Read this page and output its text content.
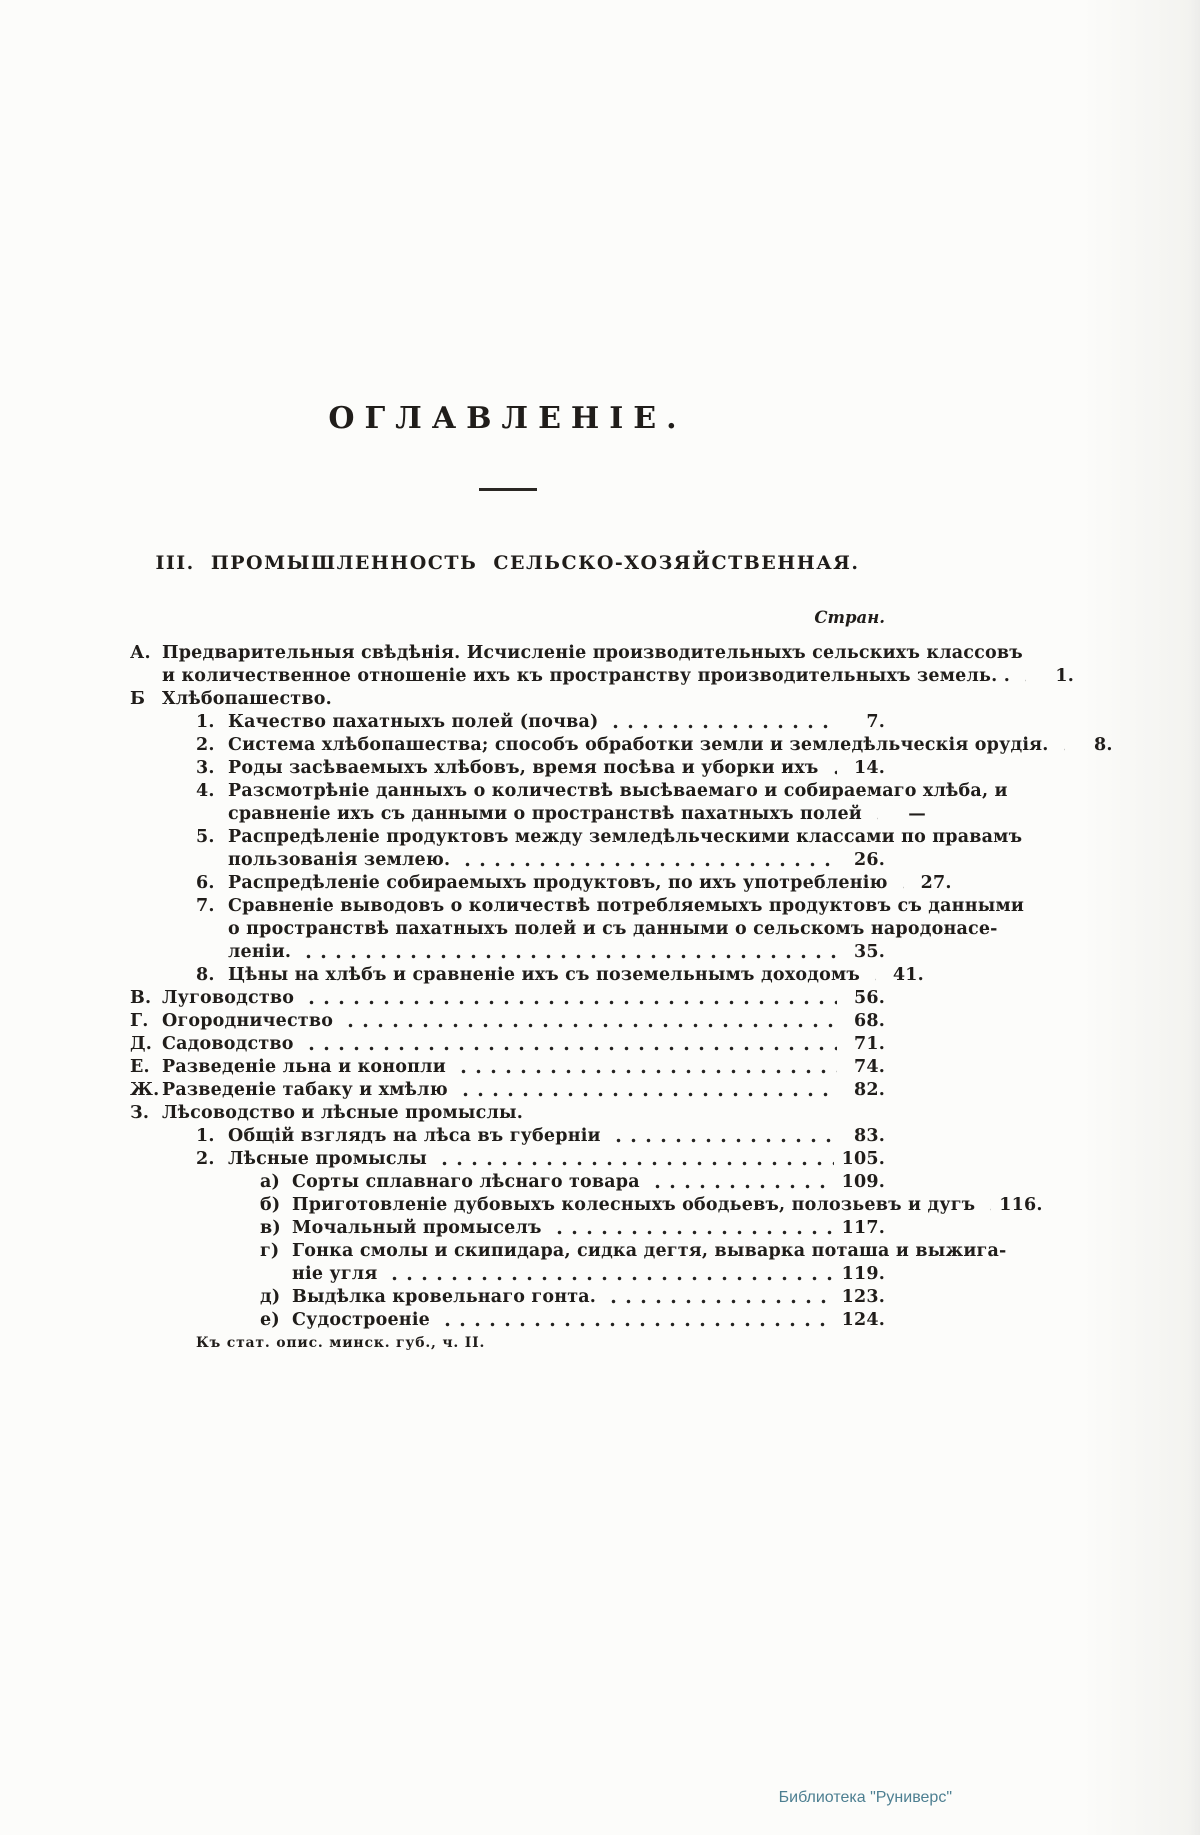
ОГЛАВЛЕНІЕ.
III. ПРОМЫШЛЕННОСТЬ СЕЛЬСКО-ХОЗЯЙСТВЕННАЯ.
Стран.
А. Предварительныя свѣдѣнія. Исчисленіе производительныхъ сельскихъ классовъ
и количественное отношеніе ихъ къ пространству производительныхъ земель. .	1.
Б Хлѣбопашество.
1. Качество пахатныхъ полей (почва)	7.
2. Система хлѣбопашества; способъ обработки земли и земледѣльческія орудія.	8.
3. Роды засѣваемыхъ хлѣбовъ, время посѣва и уборки ихъ	14.
4. Разсмотрѣніе данныхъ о количествѣ высѣваемаго и собираемаго хлѣба, и
сравненіе ихъ съ данными о пространствѣ пахатныхъ полей	—
5. Распредѣленіе продуктовъ между земледѣльческими классами по правамъ
пользованія землею.	26.
6. Распредѣленіе собираемыхъ продуктовъ, по ихъ употребленію	27.
7. Сравненіе выводовъ о количествѣ потребляемыхъ продуктовъ съ данными
о пространствѣ пахатныхъ полей и съ данными о сельскомъ народонасе-
леніи.	35.
8. Цѣны на хлѣбъ и сравненіе ихъ съ поземельнымъ доходомъ	41.
В. Луговодство	56.
Г. Огородничество	68.
Д. Садоводство	71.
Е. Разведеніе льна и конопли	74.
Ж. Разведеніе табаку и хмѣлю	82.
З. Лѣсоводство и лѣсные промыслы.
1. Общій взглядъ на лѣса въ губерніи	83.
2. Лѣсные промыслы	105.
а) Сорты сплавнаго лѣснаго товара	109.
б) Приготовленіе дубовыхъ колесныхъ ободьевъ, полозьевъ и дугъ 116.
в) Мочальный промыселъ	117.
г) Гонка смолы и скипидара, сидка дегтя, выварка поташа и выжига-
ніе угля	119.
д) Выдѣлка кровельнаго гонта.	123.
е) Судостроеніе	124.
Къ стат. опис. минск. губ., ч. II.
Библиотека "Руниверс"
